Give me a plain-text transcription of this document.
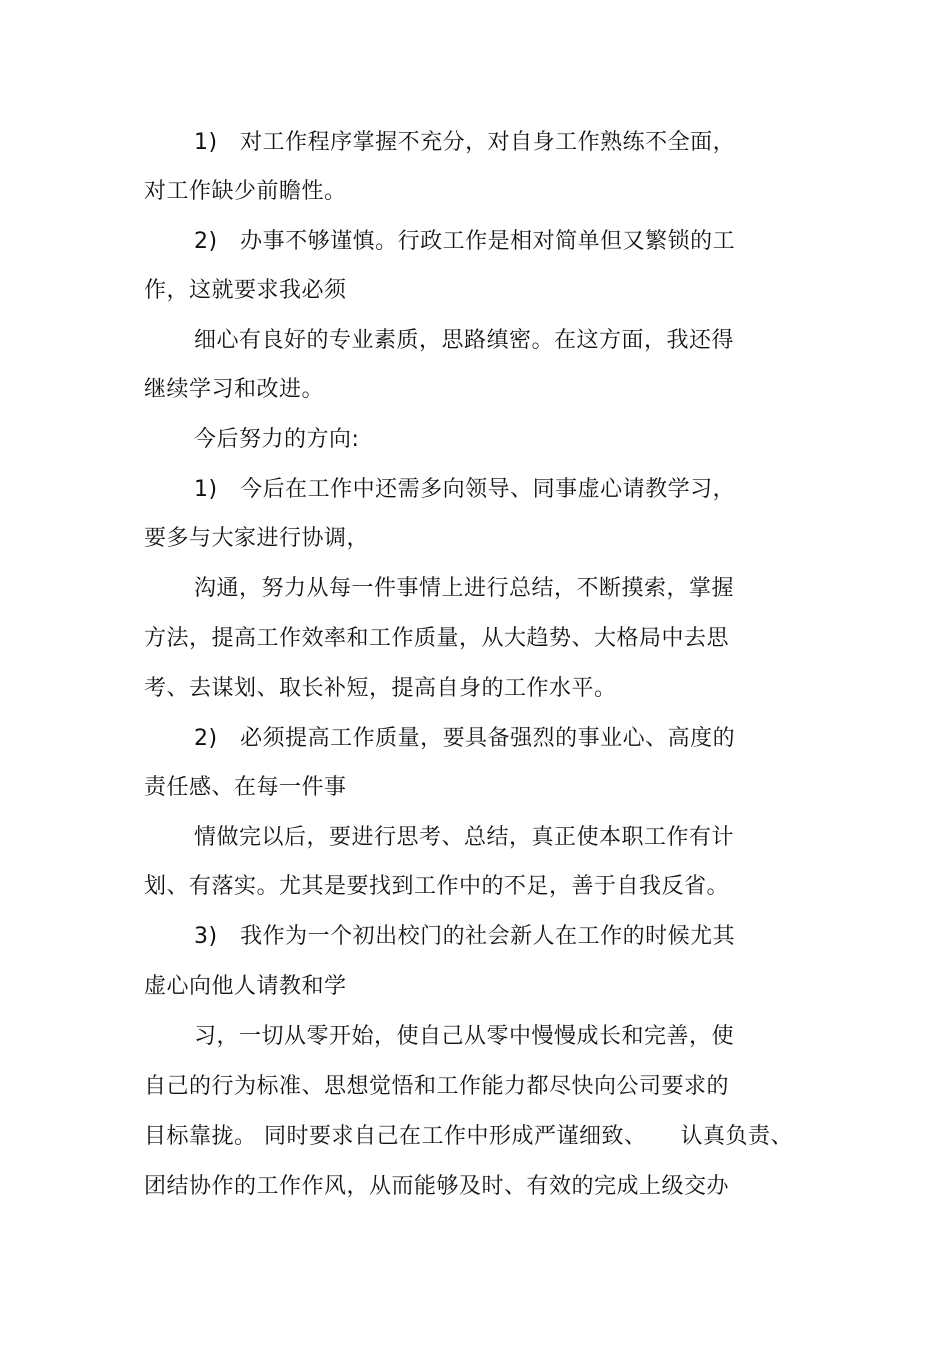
1)　对工作程序掌握不充分，对自身工作熟练不全面，
对工作缺少前瞻性。
2)　办事不够谨慎。行政工作是相对简单但又繁锁的工
作，这就要求我必须
细心有良好的专业素质，思路缜密。在这方面，我还得
继续学习和改进。
今后努力的方向:
1)　今后在工作中还需多向领导、同事虚心请教学习，
要多与大家进行协调，
沟通，努力从每一件事情上进行总结，不断摸索，掌握
方法，提高工作效率和工作质量，从大趋势、大格局中去思
考、去谋划、取长补短，提高自身的工作水平。
2)　必须提高工作质量，要具备强烈的事业心、高度的
责任感、在每一件事
情做完以后，要进行思考、总结，真正使本职工作有计
划、有落实。尤其是要找到工作中的不足，善于自我反省。
3)　我作为一个初出校门的社会新人在工作的时候尤其
虚心向他人请教和学
习，一切从零开始，使自己从零中慢慢成长和完善，使
自己的行为标准、思想觉悟和工作能力都尽快向公司要求的
目标靠拢。 同时要求自己在工作中形成严谨细致、　　认真负责、
团结协作的工作作风，从而能够及时、有效的完成上级交办
